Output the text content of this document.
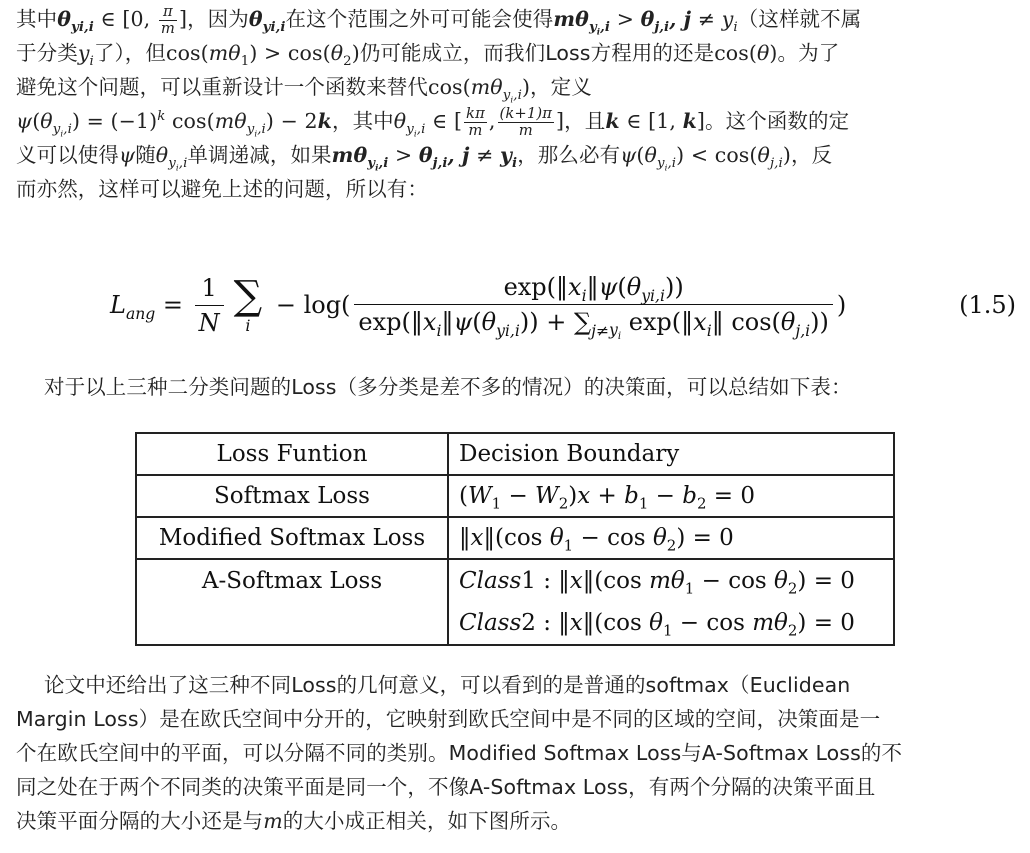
其中$\theta_{yi,i}$ ∈ [0, $\frac{\pi}{m}$ ]，因为$\theta_{yi,i}$在这个范围之外可可能会使得$m\theta_{y_i,i} > \theta_{j,i}$, $j \ne y_i$（这样就不属
于分类$y_i$了），但$\cos(m\theta_1) > \cos(\theta_2)$仍可能成立，而我们Loss方程用的还是cos(θ)。为了
避免这个问题，可以重新设计一个函数来替代$\cos(m\theta_{y_i,i})$，定义
$\psi(\theta_{y_i,i}) = (-1)^k$ $\cos(m\theta_{y_i,i}) - 2k$，其中$\theta_{y_i,i}$ ∈ [ $\frac{k\pi}{m}$ , $\frac{(k+1)\pi}{m}$ ]，且k ∈ [1, k]。这个函数的定
义可以使得ψ随$\theta_{y_i,i}$单调递减，如果$m\theta_{y_i,i} > \theta_{j,i}$, $j \ne y_i$，那么必有$\psi(\theta_{y_i,i}) < \cos(\theta_{j,i})$，反
而亦然，这样可以避免上述的问题，所以有：
$L_{ang} = \frac{1}{N}$ ∑
i
− $\log( \frac{\exp(‖x_i‖\psi(\theta_{yi,i}))}{\exp(‖x_i‖\psi(\theta_{yi,i})) + \sum_{j\ne y_i} \exp(‖x_i‖ \cos(\theta_{j,i}))}$ )	(1.5)
对于以上三种二分类问题的Loss（多分类是差不多的情况）的决策面，可以总结如下表：
Loss Funtion	Decision Boundary
Softmax Loss	$(W_1 - W_2)x + b_1 - b_2 = 0$
Modified Softmax Loss	‖x‖(cos $\theta_1 - \cos \theta_2) = 0$

A-Softmax Loss	Class1 : ‖x‖(cos $m\theta_1 - \cos \theta_2) = 0$
Class2 : ‖x‖(cos $\theta_1 - \cos m\theta_2) = 0$
论文中还给出了这三种不同Loss的几何意义，可以看到的是普通的softmax（Euclidean
Margin Loss）是在欧氏空间中分开的，它映射到欧氏空间中是不同的区域的空间，决策面是一
个在欧氏空间中的平面，可以分隔不同的类别。Modified Softmax Loss与A-Softmax Loss的不
同之处在于两个不同类的决策平面是同一个，不像A-Softmax Loss，有两个分隔的决策平面且
决策平面分隔的大小还是与m的大小成正相关，如下图所示。
